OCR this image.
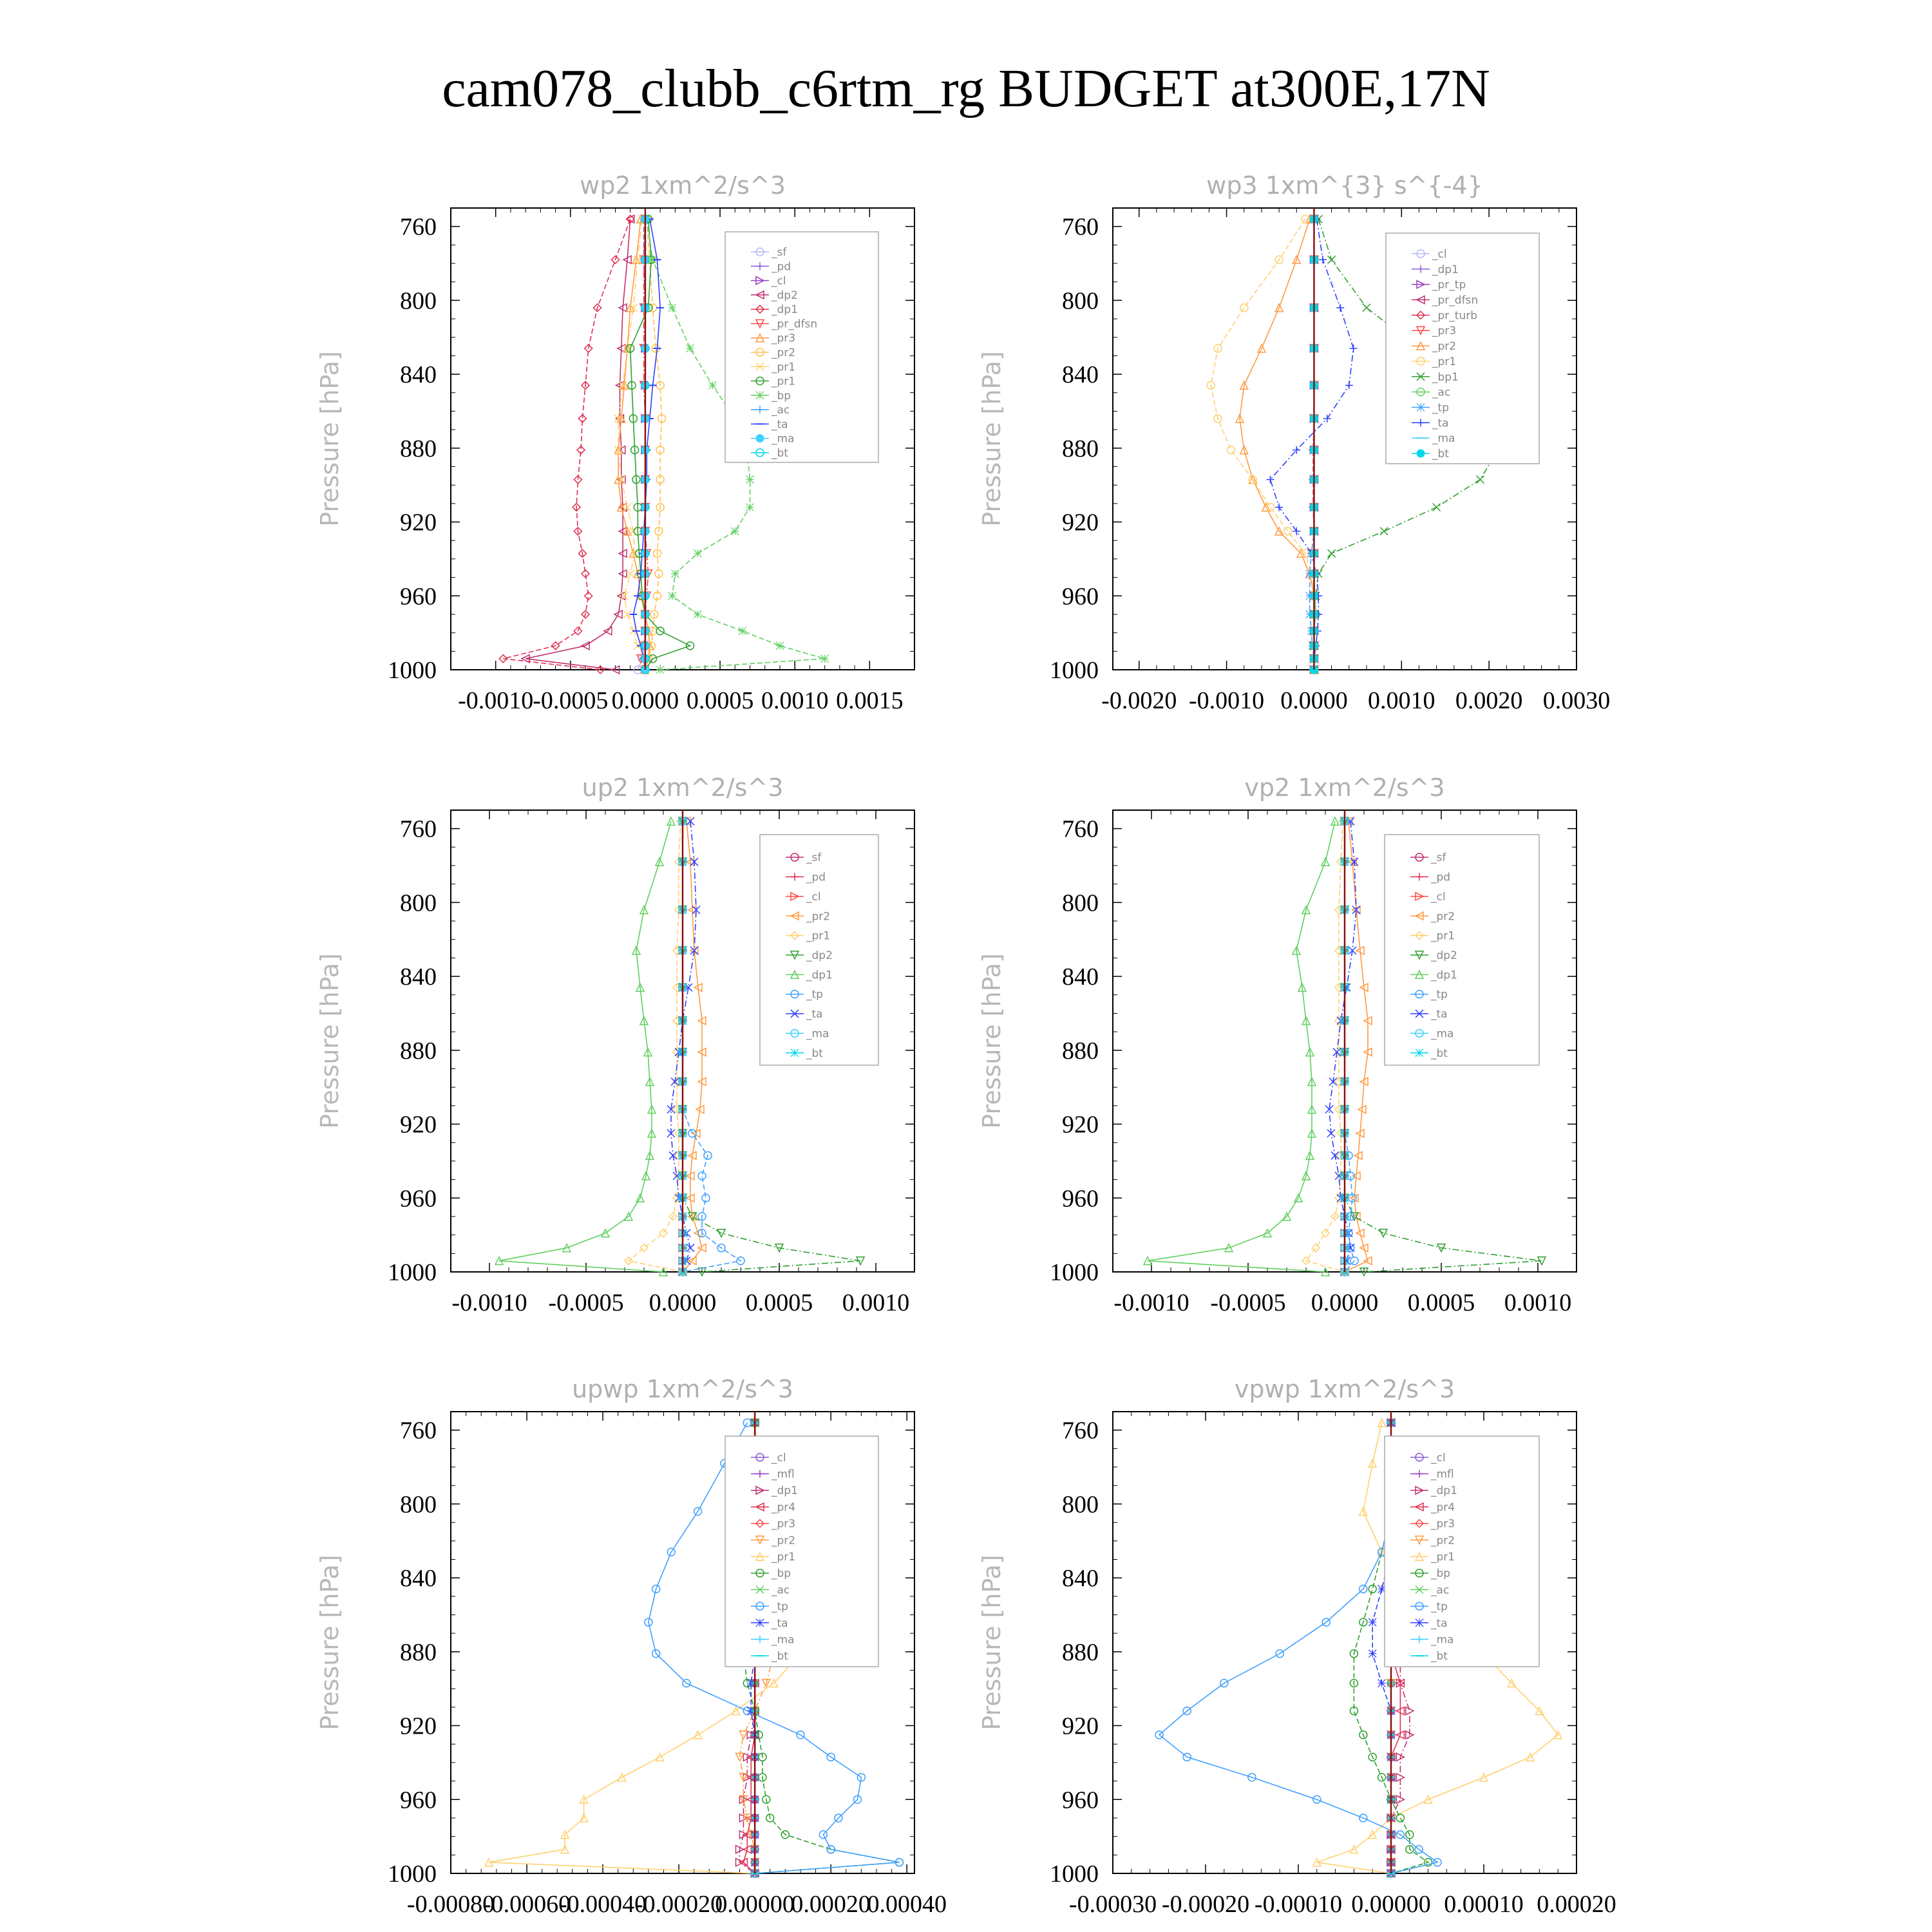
cam078_clubb_c6rtm_rg BUDGET at300E,17N
wp2 1xm^2/s^3
Pressure [hPa]
760
800
840
880
920
960
1000
-0.0010
-0.0005 0.0000 0.0005 0.0010 0.0015
_sf
_pd
_cl
_dp2
_dp1
_pr_dfsn
_pr3
_pr2
_pr1
_pr1
_bp
_ac
_ta
_ma
_bt
wp3 1xm^{3} s^{-4}
Pressure [hPa]
760
800
840
880
920
960
1000
-0.0020 -0.0010 0.0000 0.0010 0.0020 0.0030
_cl
_dp1
_pr_tp
_pr_dfsn
_pr_turb
_pr3
_pr2
_pr1
_bp1
_ac
_tp
_ta
_ma
_bt
up2 1xm^2/s^3
Pressure [hPa]
760
800
840
880
920
960
1000
-0.0010 -0.0005 0.0000 0.0005 0.0010
_sf
_pd
_cl
_pr2
_pr1
_dp2
_dp1
_tp
_ta
_ma
_bt
vp2 1xm^2/s^3
Pressure [hPa]
760
800
840
880
920
960
1000
-0.0010 -0.0005 0.0000 0.0005 0.0010
_sf
_pd
_cl
_pr2
_pr1
_dp2
_dp1
_tp
_ta
_ma
_bt
upwp 1xm^2/s^3
Pressure [hPa]
760
800
840
880
920
960
1000
-0.00080
-0.00060
-0.00040
-0.00020
0.00000
0.00020
0.00040
_cl
_mfl
_dp1
_pr4
_pr3
_pr2
_pr1
_bp
_ac
_tp
_ta
_ma
_bt
vpwp 1xm^2/s^3
Pressure [hPa]
760
800
840
880
920
960
1000
-0.00030 -0.00020 -0.00010 0.00000 0.00010 0.00020
_cl
_mfl
_dp1
_pr4
_pr3
_pr2
_pr1
_bp
_ac
_tp
_ta
_ma
_bt
